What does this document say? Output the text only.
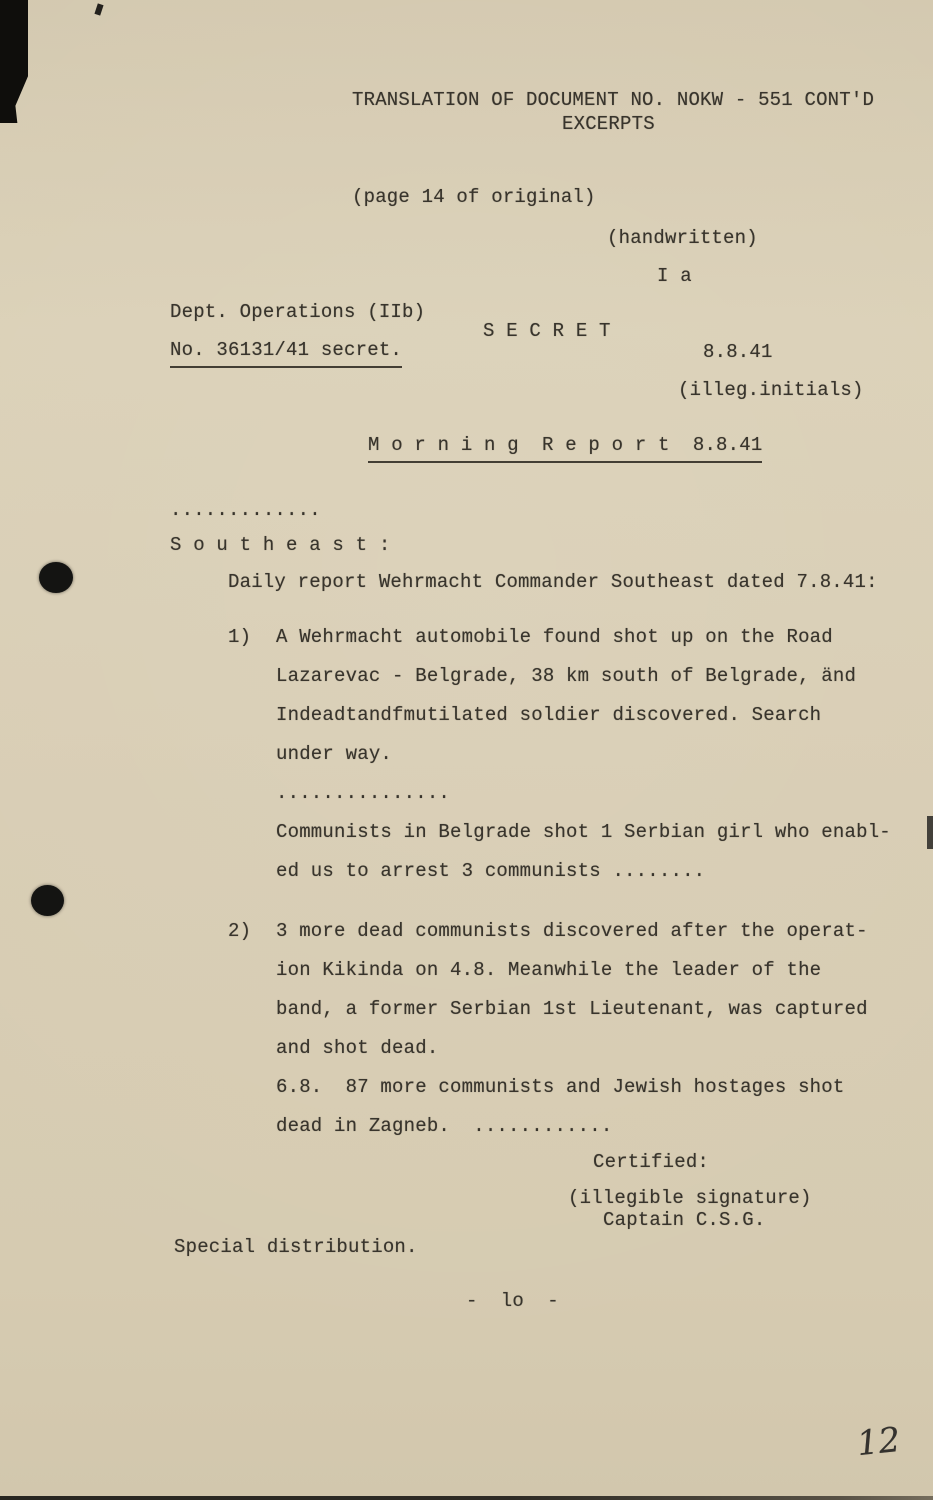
TRANSLATION OF DOCUMENT NO. NOKW - 551 CONT'D
EXCERPTS
(page 14 of original)
(handwritten)
I a
Dept. Operations (IIb)
S E C R E T
No. 36131/41 secret.	8.8.41
(illeg.initials)
M o r n i n g  R e p o r t  8.8.41
.............
S o u t h e a s t :
Daily report Wehrmacht Commander Southeast dated 7.8.41:
1) A Wehrmacht automobile found shot up on the Road
Lazarevac - Belgrade, 38 km south of Belgrade, änd
Indeadtandfmutilated soldier discovered. Search
under way.
...............
Communists in Belgrade shot 1 Serbian girl who enabl-
ed us to arrest 3 communists ........
2) 3 more dead communists discovered after the operat-
ion Kikinda on 4.8. Meanwhile the leader of the
band, a former Serbian 1st Lieutenant, was captured
and shot dead.
6.8.  87 more communists and Jewish hostages shot
dead in Zagneb.  ............
Certified:
(illegible signature)
Captain C.S.G.
Special distribution.
-  lo  -
12
